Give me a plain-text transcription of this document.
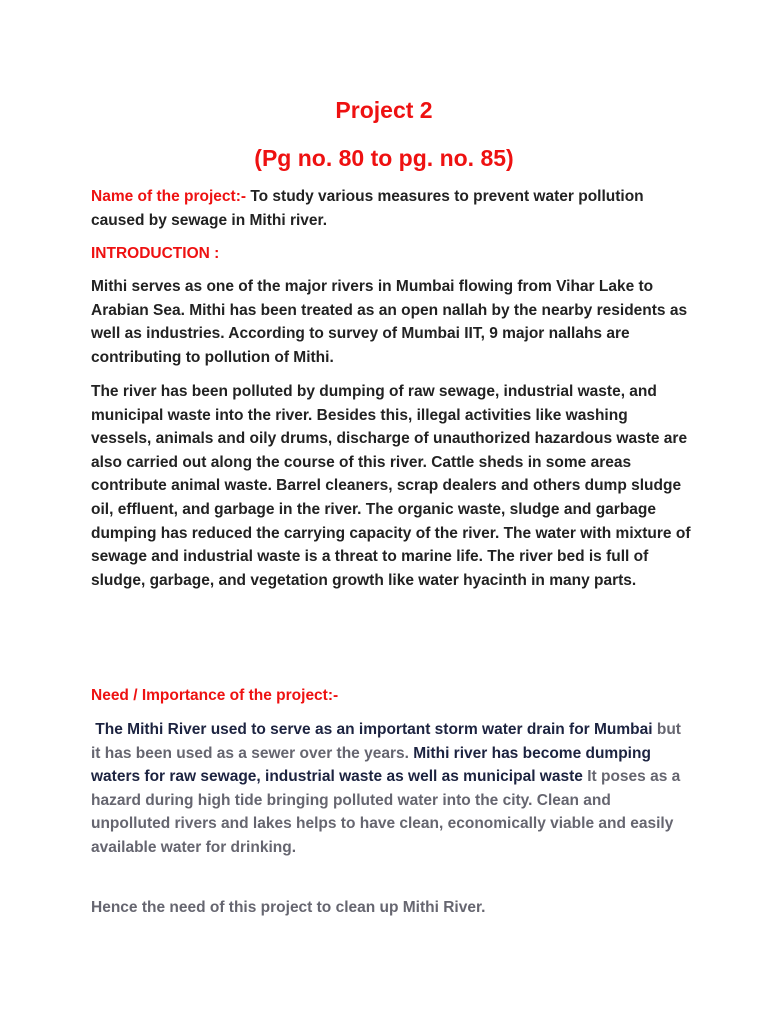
Project 2
(Pg no. 80 to pg. no. 85)

Name of the project:- To study various measures to prevent water pollution caused by sewage in Mithi river.

INTRODUCTION :

Mithi serves as one of the major rivers in Mumbai flowing from Vihar Lake to Arabian Sea. Mithi has been treated as an open nallah by the nearby residents as well as industries. According to survey of Mumbai IIT, 9 major nallahs are contributing to pollution of Mithi.

The river has been polluted by dumping of raw sewage, industrial waste, and municipal waste into the river. Besides this, illegal activities like washing vessels, animals and oily drums, discharge of unauthorized hazardous waste are also carried out along the course of this river. Cattle sheds in some areas contribute animal waste. Barrel cleaners, scrap dealers and others dump sludge oil, effluent, and garbage in the river. The organic waste, sludge and garbage dumping has reduced the carrying capacity of the river. The water with mixture of sewage and industrial waste is a threat to marine life. The river bed is full of sludge, garbage, and vegetation growth like water hyacinth in many parts.

Need / Importance of the project:-

The Mithi River used to serve as an important storm water drain for Mumbai but it has been used as a sewer over the years. Mithi river has become dumping waters for raw sewage, industrial waste as well as municipal waste It poses as a hazard during high tide bringing polluted water into the city. Clean and unpolluted rivers and lakes helps to have clean, economically viable and easily available water for drinking.

Hence the need of this project to clean up Mithi River.
